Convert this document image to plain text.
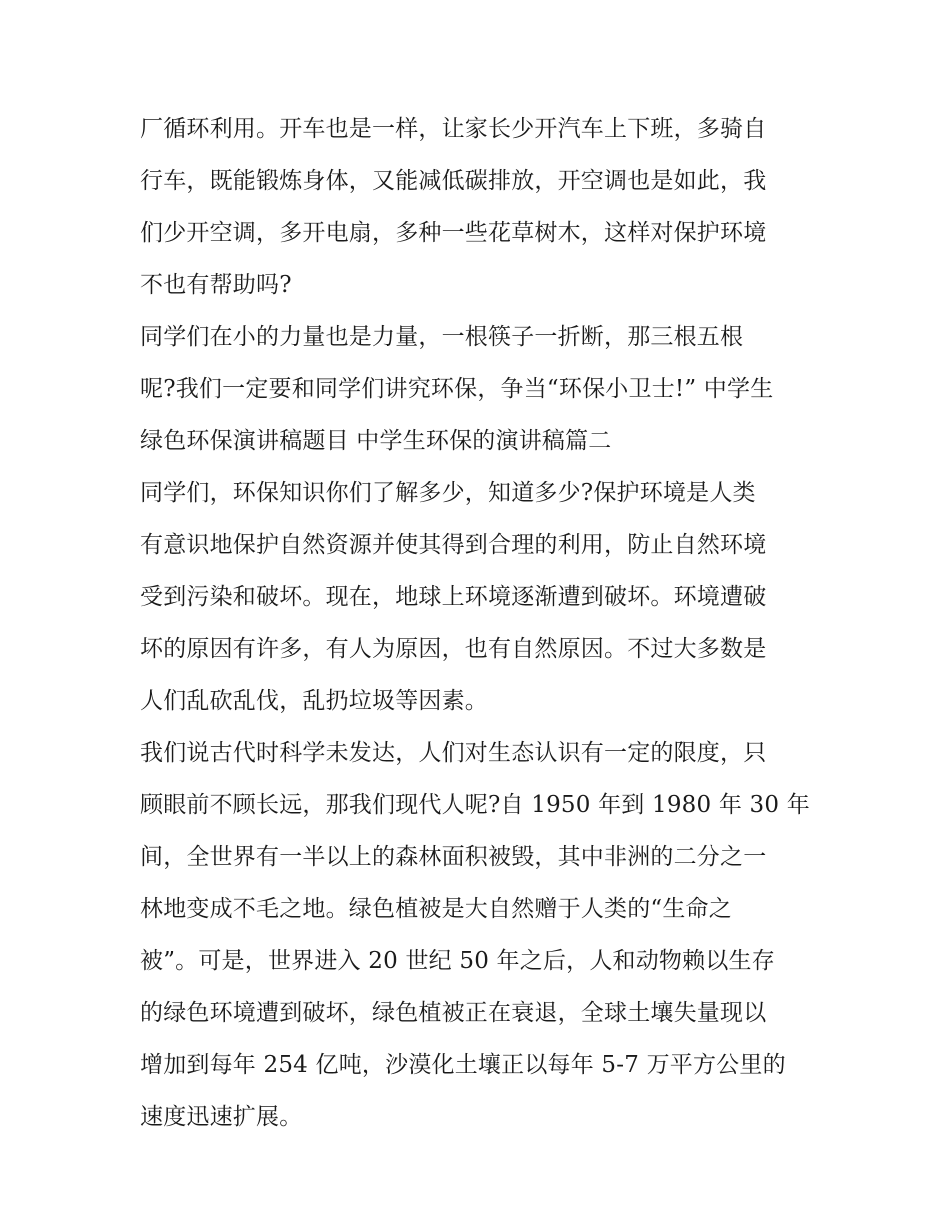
厂循环利用。开车也是一样，让家长少开汽车上下班，多骑自
行车，既能锻炼身体，又能减低碳排放，开空调也是如此，我
们少开空调，多开电扇，多种一些花草树木，这样对保护环境
不也有帮助吗?
同学们在小的力量也是力量，一根筷子一折断，那三根五根
呢?我们一定要和同学们讲究环保，争当“环保小卫士!” 中学生
绿色环保演讲稿题目 中学生环保的演讲稿篇二
同学们，环保知识你们了解多少，知道多少?保护环境是人类
有意识地保护自然资源并使其得到合理的利用，防止自然环境
受到污染和破坏。现在，地球上环境逐渐遭到破坏。环境遭破
坏的原因有许多，有人为原因，也有自然原因。不过大多数是
人们乱砍乱伐，乱扔垃圾等因素。
我们说古代时科学未发达，人们对生态认识有一定的限度，只
顾眼前不顾长远，那我们现代人呢?自 1950 年到 1980 年 30 年
间，全世界有一半以上的森林面积被毁，其中非洲的二分之一
林地变成不毛之地。绿色植被是大自然赠于人类的“生命之
被”。可是，世界进入 20 世纪 50 年之后，人和动物赖以生存
的绿色环境遭到破坏，绿色植被正在衰退，全球土壤失量现以
增加到每年 254 亿吨，沙漠化土壤正以每年 5-7 万平方公里的
速度迅速扩展。
